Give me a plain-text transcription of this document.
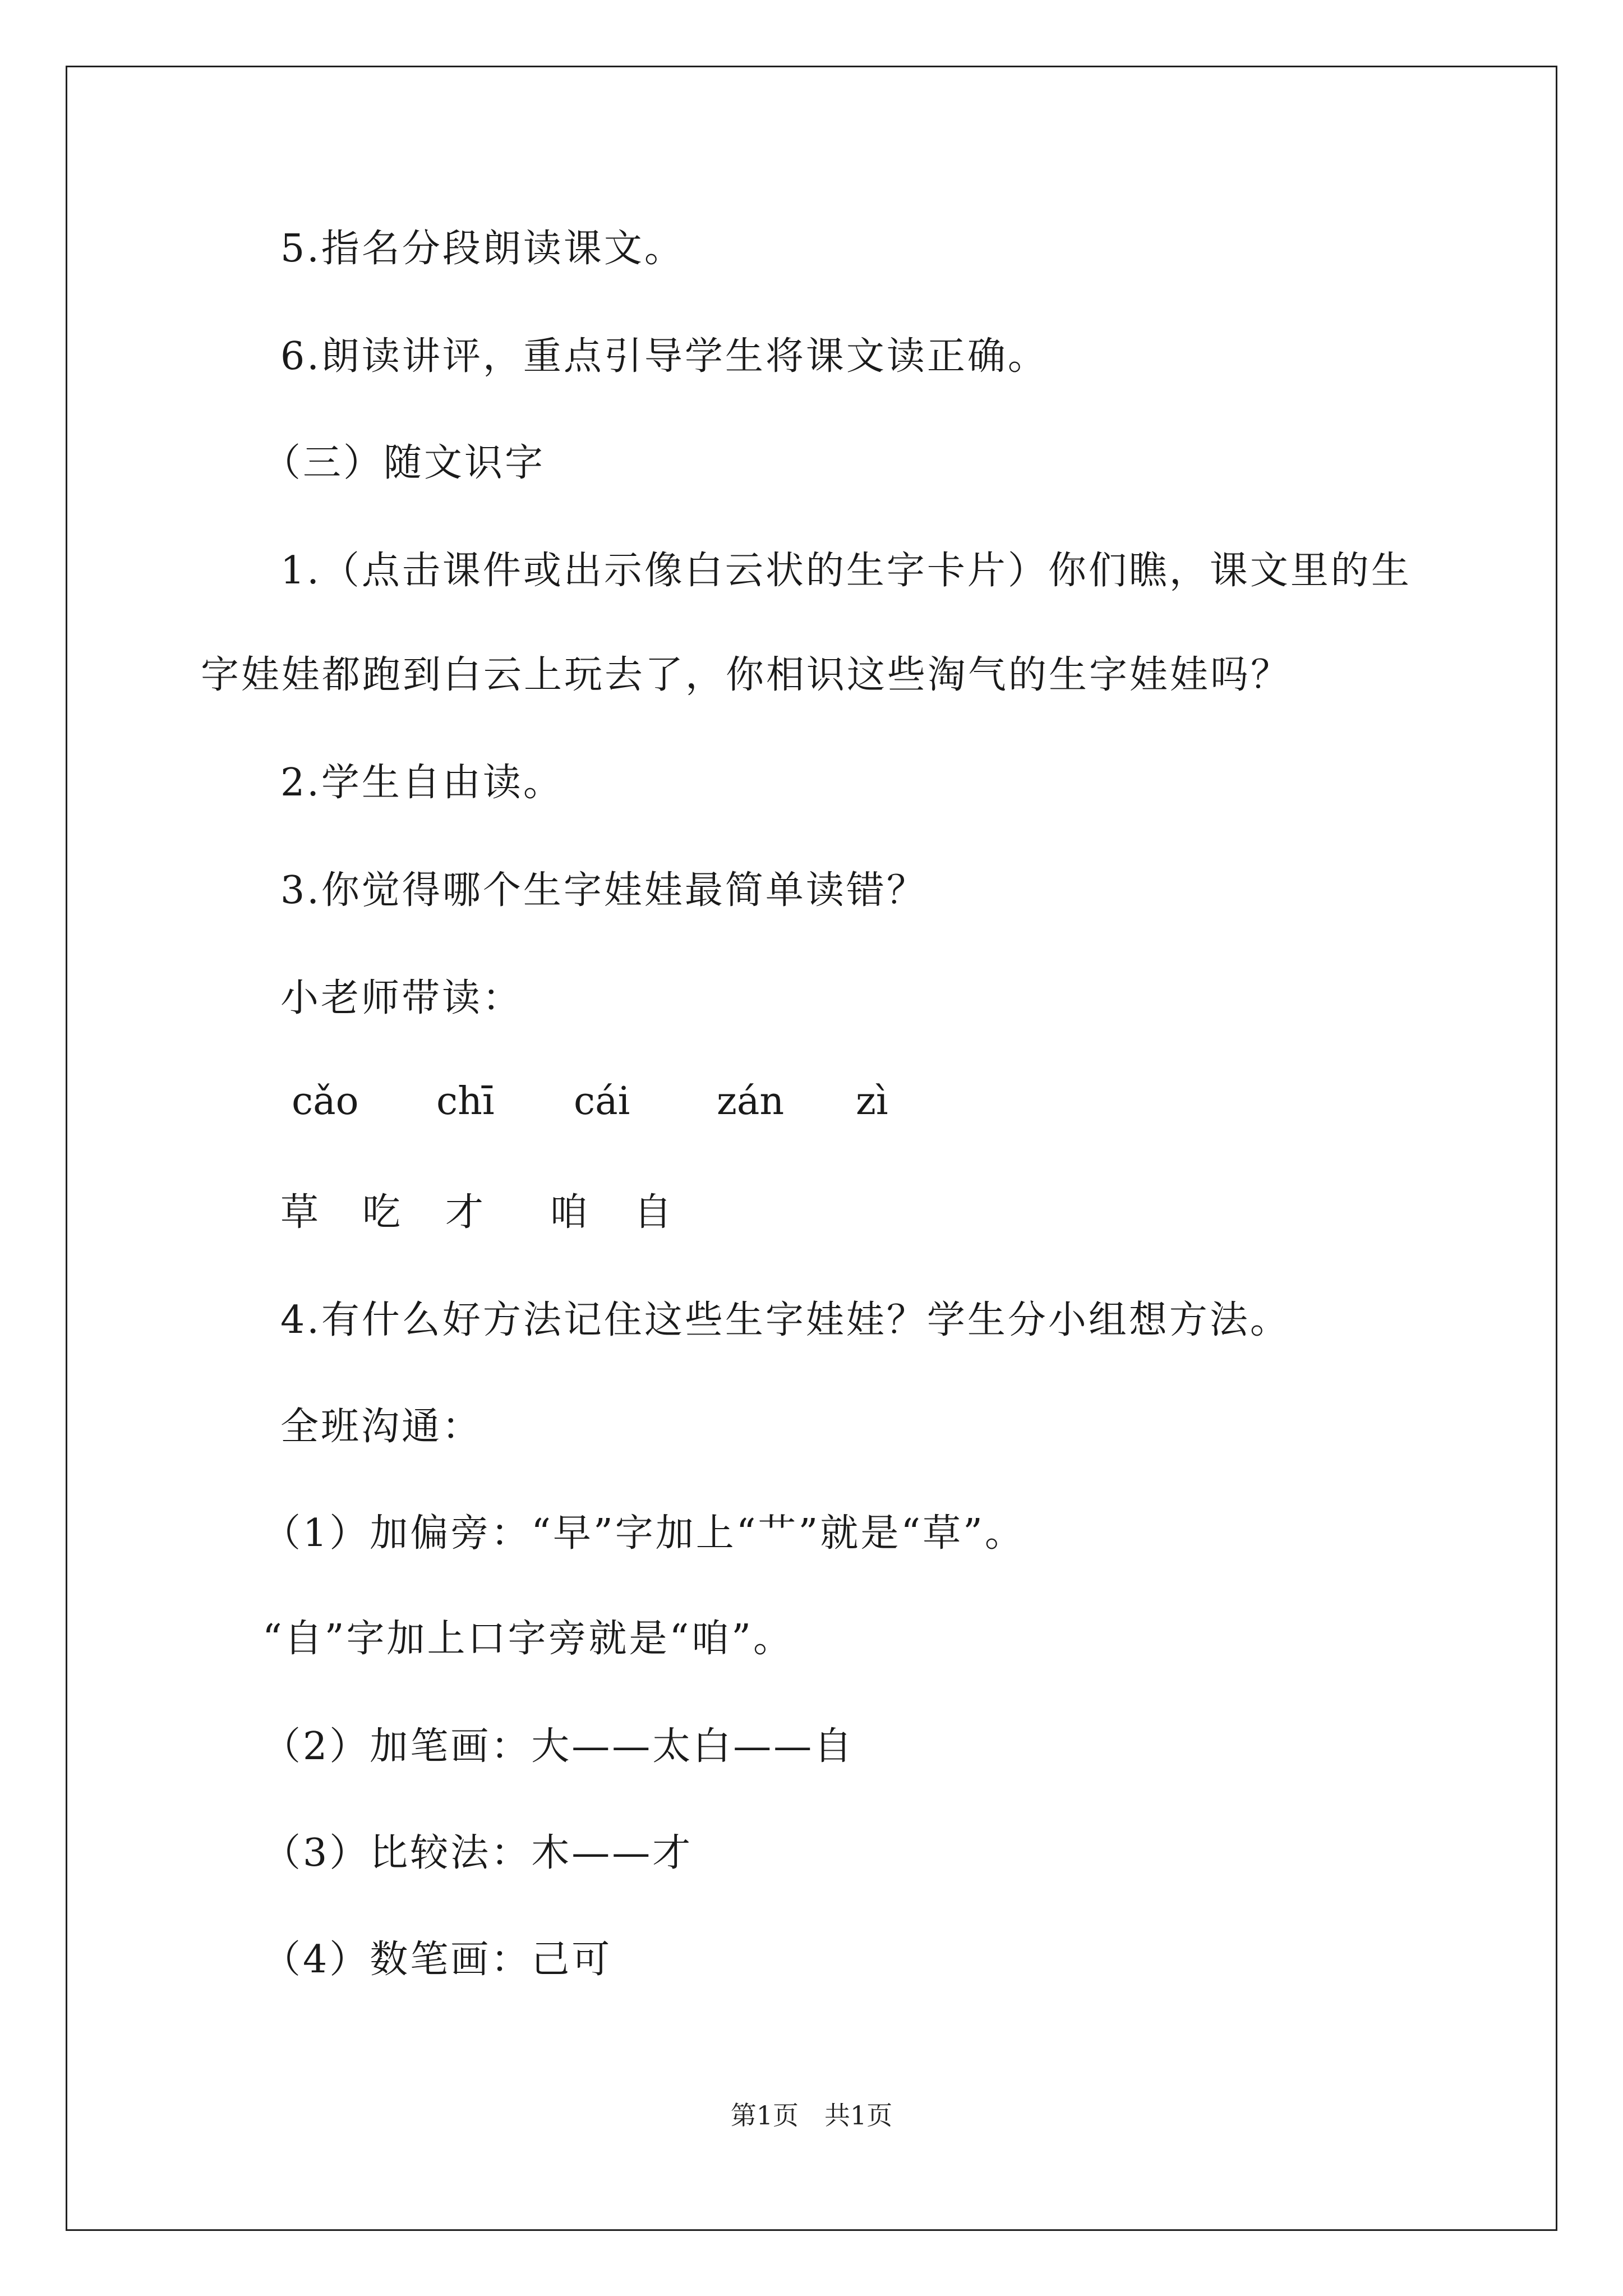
5.指名分段朗读课文。
6.朗读讲评，重点引导学生将课文读正确。
（三）随文识字
1.（点击课件或出示像白云状的生字卡片）你们瞧，课文里的生
字娃娃都跑到白云上玩去了，你相识这些淘气的生字娃娃吗？
2.学生自由读。
3.你觉得哪个生字娃娃最简单读错？
小老师带读：
cǎo chī cái zán zì
草 吃 才 咱 自
4.有什么好方法记住这些生字娃娃？学生分小组想方法。
全班沟通：
（1）加偏旁：“早”字加上“艹”就是“草”。
“自”字加上口字旁就是“咱”。
（2）加笔画：大——太白——自
（3）比较法：木——才
（4）数笔画：己可
第1页　共1页
